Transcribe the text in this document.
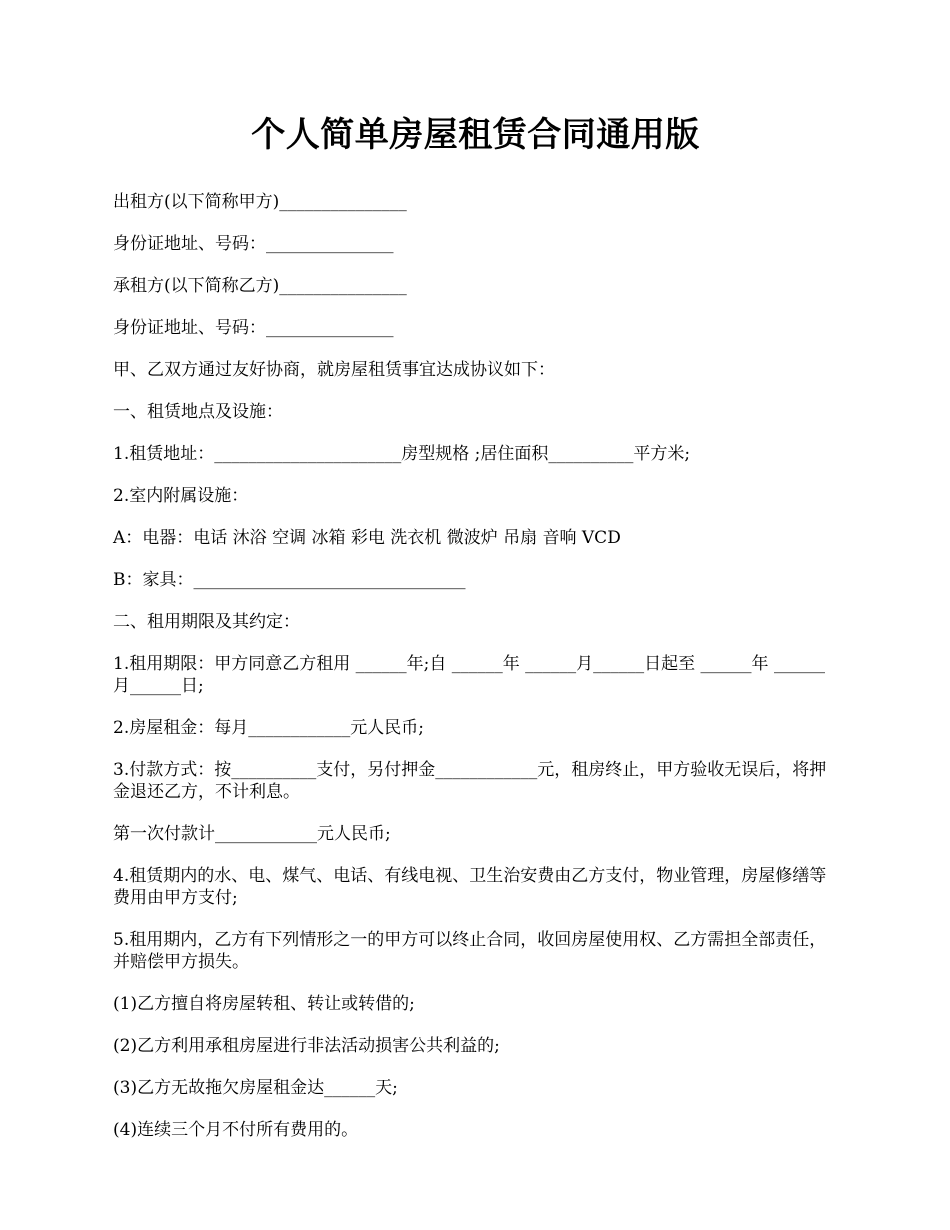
个人简单房屋租赁合同通用版

出租方(以下简称甲方)_______________

身份证地址、号码：_______________

承租方(以下简称乙方)_______________

身份证地址、号码：_______________

甲、乙双方通过友好协商，就房屋租赁事宜达成协议如下：

一、租赁地点及设施：

1.租赁地址：______________________房型规格 ;居住面积__________平方米;

2.室内附属设施：

A：电器：电话 沐浴 空调 冰箱 彩电 洗衣机 微波炉 吊扇 音响 VCD

B：家具：________________________________

二、租用期限及其约定：

1.租用期限：甲方同意乙方租用 ______年;自 ______年 ______月______日起至 ______年 ______月______日;

2.房屋租金：每月____________元人民币;

3.付款方式：按__________支付，另付押金____________元，租房终止，甲方验收无误后，将押金退还乙方，不计利息。

第一次付款计____________元人民币;

4.租赁期内的水、电、煤气、电话、有线电视、卫生治安费由乙方支付，物业管理，房屋修缮等费用由甲方支付;

5.租用期内，乙方有下列情形之一的甲方可以终止合同，收回房屋使用权、乙方需担全部责任，并赔偿甲方损失。

(1)乙方擅自将房屋转租、转让或转借的;

(2)乙方利用承租房屋进行非法活动损害公共利益的;

(3)乙方无故拖欠房屋租金达______天;

(4)连续三个月不付所有费用的。
